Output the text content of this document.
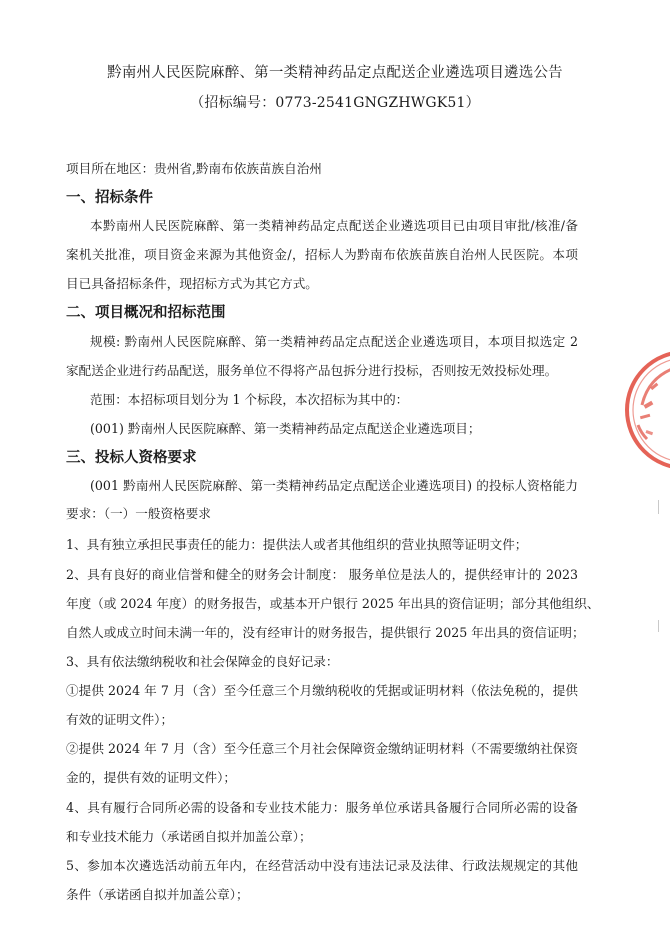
黔南州人民医院麻醉、第一类精神药品定点配送企业遴选项目遴选公告
（招标编号：0773-2541GNGZHWGK51）
项目所在地区：贵州省,黔南布依族苗族自治州
一、招标条件
本黔南州人民医院麻醉、第一类精神药品定点配送企业遴选项目已由项目审批/核准/备
案机关批准，项目资金来源为其他资金/，招标人为黔南布依族苗族自治州人民医院。本项
目已具备招标条件，现招标方式为其它方式。
二、项目概况和招标范围
规模: 黔南州人民医院麻醉、第一类精神药品定点配送企业遴选项目，本项目拟选定 2
家配送企业进行药品配送，服务单位不得将产品包拆分进行投标，否则按无效投标处理。
范围：本招标项目划分为 1 个标段，本次招标为其中的：
(001) 黔南州人民医院麻醉、第一类精神药品定点配送企业遴选项目；
三、投标人资格要求
(001 黔南州人民医院麻醉、第一类精神药品定点配送企业遴选项目) 的投标人资格能力
要求：（一）一般资格要求
1、具有独立承担民事责任的能力：提供法人或者其他组织的营业执照等证明文件；
2、具有良好的商业信誉和健全的财务会计制度： 服务单位是法人的，提供经审计的 2023
年度（或 2024 年度）的财务报告，或基本开户银行 2025 年出具的资信证明；部分其他组织、
自然人或成立时间未满一年的，没有经审计的财务报告，提供银行 2025 年出具的资信证明；
3、具有依法缴纳税收和社会保障金的良好记录：
①提供 2024 年 7 月（含）至今任意三个月缴纳税收的凭据或证明材料（依法免税的，提供
有效的证明文件）；
②提供 2024 年 7 月（含）至今任意三个月社会保障资金缴纳证明材料（不需要缴纳社保资
金的，提供有效的证明文件）；
4、具有履行合同所必需的设备和专业技术能力：服务单位承诺具备履行合同所必需的设备
和专业技术能力（承诺函自拟并加盖公章）；
5、参加本次遴选活动前五年内，在经营活动中没有违法记录及法律、行政法规规定的其他
条件（承诺函自拟并加盖公章）；
